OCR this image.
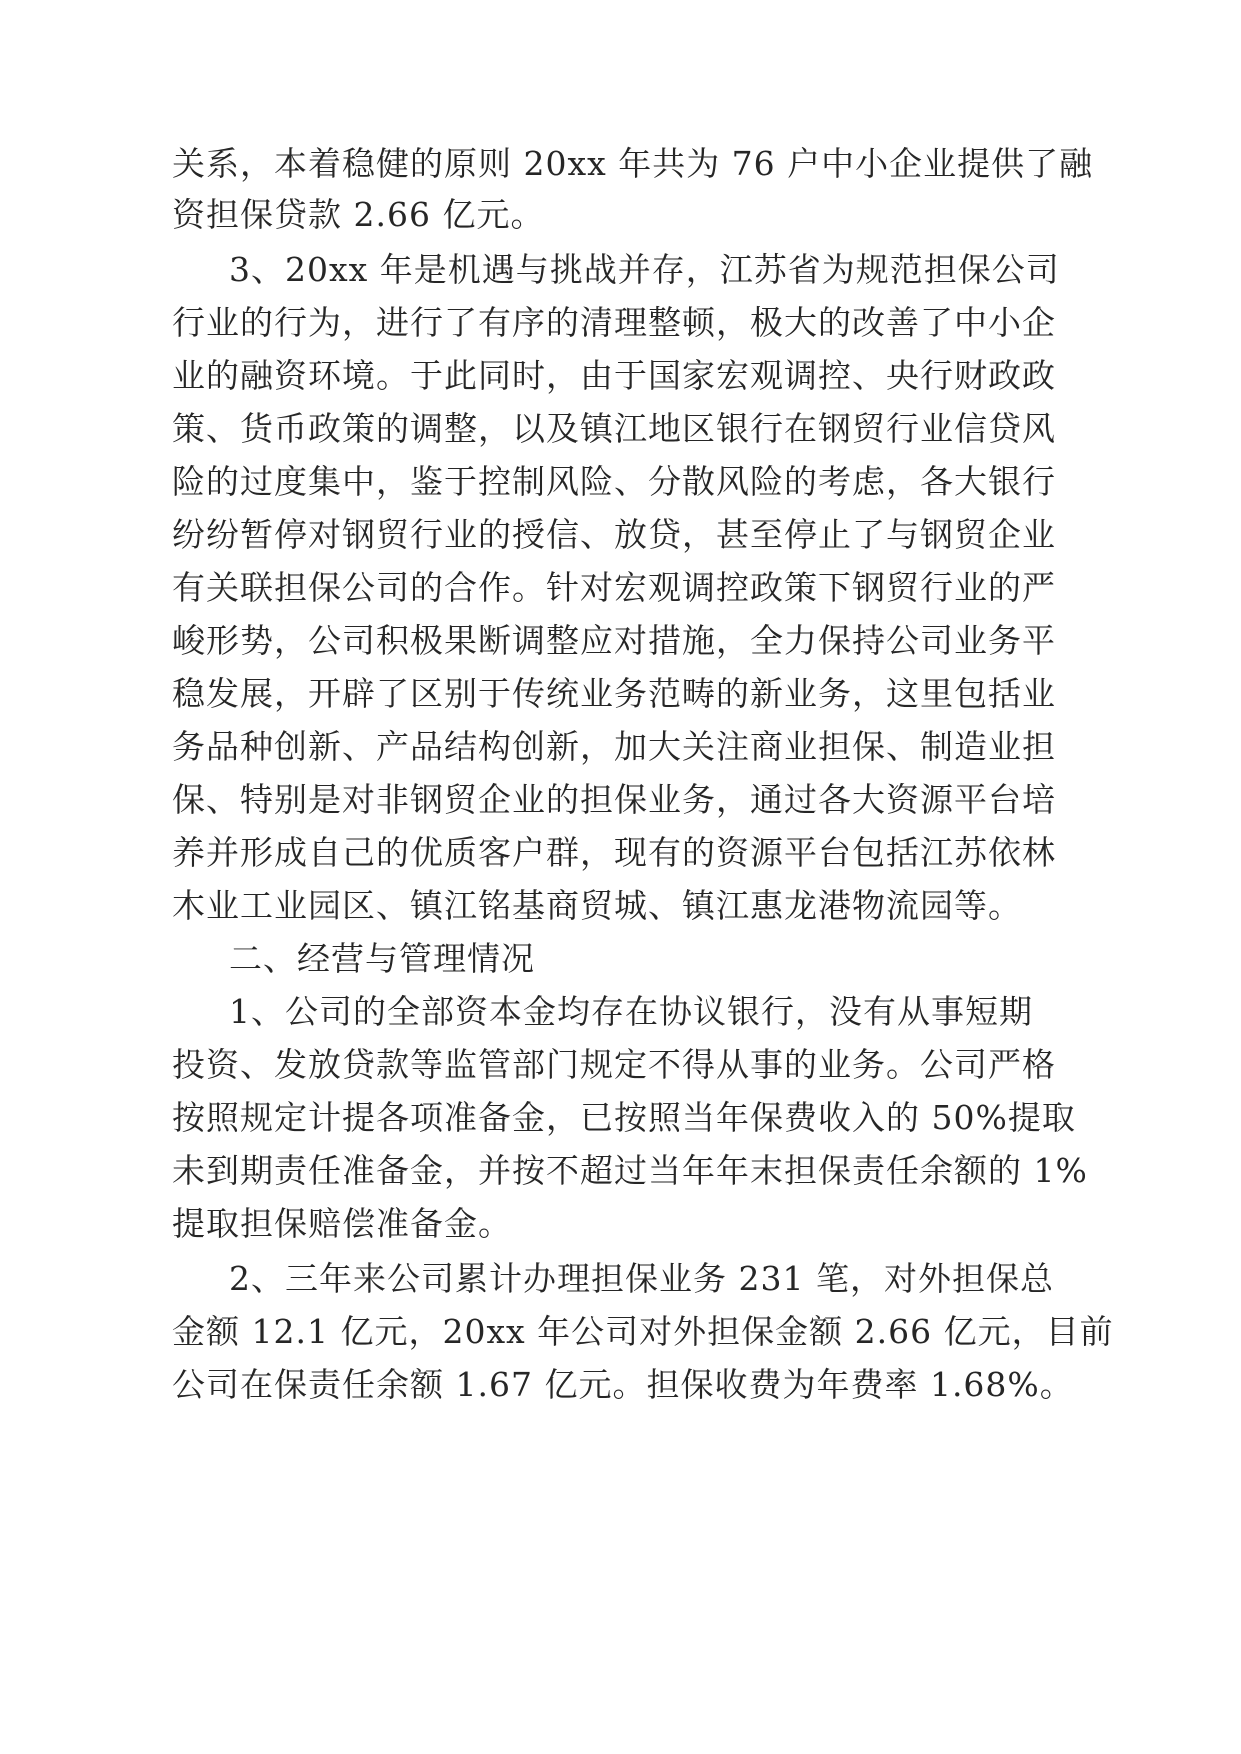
关系，本着稳健的原则 20xx 年共为 76 户中小企业提供了融
资担保贷款 2.66 亿元。
3、20xx 年是机遇与挑战并存，江苏省为规范担保公司
行业的行为，进行了有序的清理整顿，极大的改善了中小企
业的融资环境。于此同时，由于国家宏观调控、央行财政政
策、货币政策的调整，以及镇江地区银行在钢贸行业信贷风
险的过度集中，鉴于控制风险、分散风险的考虑，各大银行
纷纷暂停对钢贸行业的授信、放贷，甚至停止了与钢贸企业
有关联担保公司的合作。针对宏观调控政策下钢贸行业的严
峻形势，公司积极果断调整应对措施，全力保持公司业务平
稳发展，开辟了区别于传统业务范畴的新业务，这里包括业
务品种创新、产品结构创新，加大关注商业担保、制造业担
保、特别是对非钢贸企业的担保业务，通过各大资源平台培
养并形成自己的优质客户群，现有的资源平台包括江苏依林
木业工业园区、镇江铭基商贸城、镇江惠龙港物流园等。
二、经营与管理情况
1、公司的全部资本金均存在协议银行，没有从事短期
投资、发放贷款等监管部门规定不得从事的业务。公司严格
按照规定计提各项准备金，已按照当年保费收入的 50%提取
未到期责任准备金，并按不超过当年年末担保责任余额的 1%
提取担保赔偿准备金。
2、三年来公司累计办理担保业务 231 笔，对外担保总
金额 12.1 亿元，20xx 年公司对外担保金额 2.66 亿元，目前
公司在保责任余额 1.67 亿元。担保收费为年费率 1.68%。
